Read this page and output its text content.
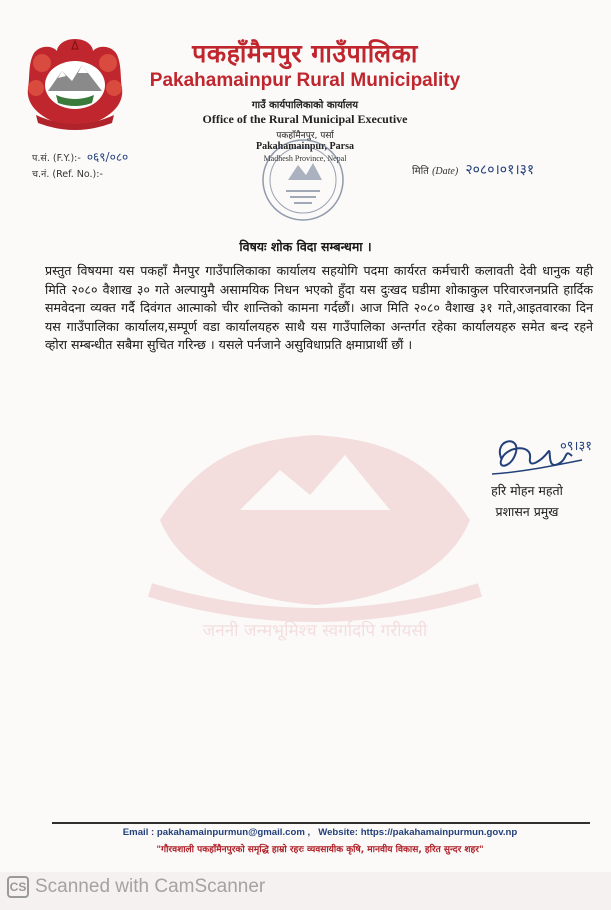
जननी जन्मभूमिश्च स्वर्गादपि गरीयसी
पकहाँमैनपुर गाउँपालिका
Pakahamainpur Rural Municipality
गाउँ कार्यपालिकाको कार्यालय
Office of the Rural Municipal Executive
पकहाँमैनपुर, पर्सा
Pakahamainpur, Parsa
Madhesh Province, Nepal
प.सं. (F.Y.):- ०६९/०८०
च.नं. (Ref. No.):-	मिति (Date) २०८०।०१।३१
विषयः शोक विदा सम्बन्धमा ।
प्रस्तुत विषयमा यस पकहाँ मैनपुर गाउँपालिकाका कार्यालय सहयोगि पदमा कार्यरत कर्मचारी कलावती देवी धानुक यही मिति २०८० वैशाख ३० गते अल्पायुमै असामयिक निधन भएको हुँदा यस दुःखद घडीमा शोकाकुल परिवारजनप्रति हार्दिक समवेदना व्यक्त गर्दै दिवंगत आत्माको चीर शान्तिको कामना गर्दछौं। आज मिति २०८० वैशाख ३१ गते,आइतवारका दिन यस गाउँपालिका कार्यालय,सम्पूर्ण वडा कार्यालयहरु साथै यस गाउँपालिका अन्तर्गत रहेका कार्यालयहरु समेत बन्द रहने व्होरा सम्बन्धीत सबैमा सुचित गरिन्छ । यसले पर्नजाने असुविधाप्रति क्षमाप्रार्थी छौं ।
०९।३१
हरि मोहन महतो
प्रशासन प्रमुख
Email : pakahamainpurmun@gmail.com , Website: https://pakahamainpurmun.gov.np
"गौरवशाली पकहाँमैनपुरको समृद्धि हाम्रो रहरः व्यवसायीक कृषि, मानवीय विकास, हरित सुन्दर शहर"
CS Scanned with CamScanner
